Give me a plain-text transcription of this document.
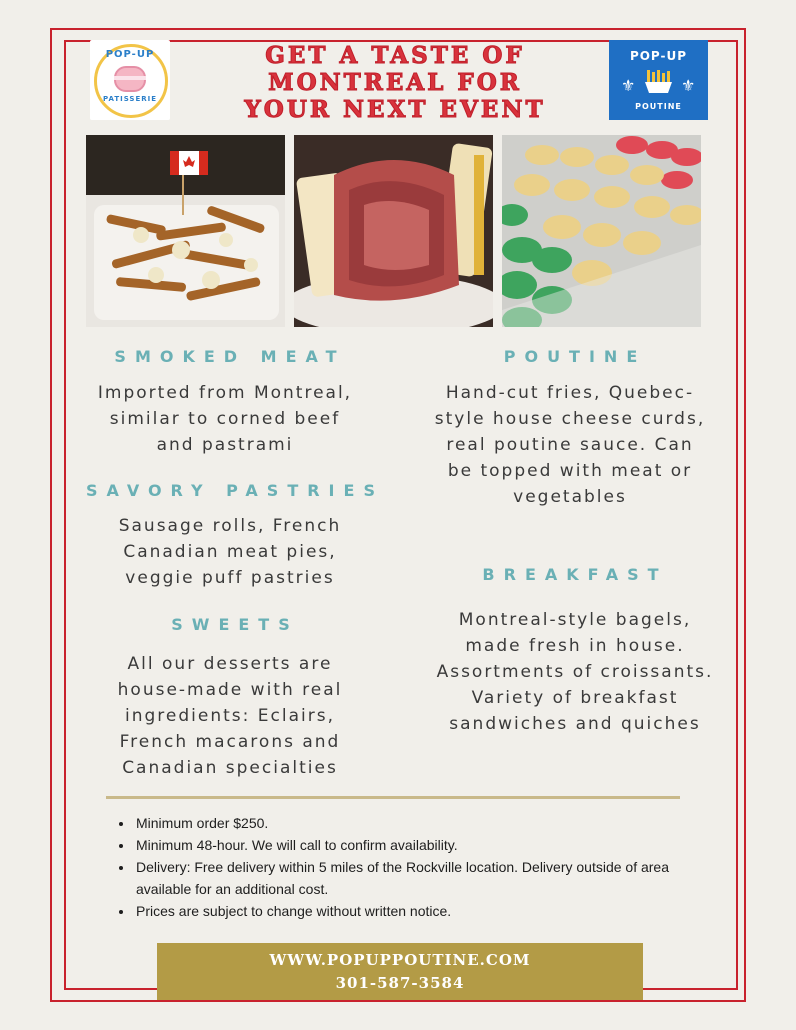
POP-UP
PATISSERIE
GET A TASTE OF
MONTREAL FOR
YOUR NEXT EVENT
POP-UP
⚜	⚜
POUTINE
SMOKED MEAT
Imported from Montreal,
similar to corned beef
and pastrami
POUTINE
Hand-cut fries, Quebec-
style house cheese curds,
real poutine sauce. Can
be topped with meat or
vegetables
SAVORY PASTRIES
Sausage rolls, French
Canadian meat pies,
veggie puff pastries	BREAKFAST
Montreal-style bagels,
made fresh in house.
Assortments of croissants.
Variety of breakfast
sandwiches and quiches
SWEETS
All our desserts are
house-made with real
ingredients: Eclairs,
French macarons and
Canadian specialties
• Minimum order $250.
• Minimum 48-hour. We will call to confirm availability.
• Delivery: Free delivery within 5 miles of the Rockville location. Delivery outside of area available for an additional cost.
• Prices are subject to change without written notice.
WWW.POPUPPOUTINE.COM
301-587-3584
